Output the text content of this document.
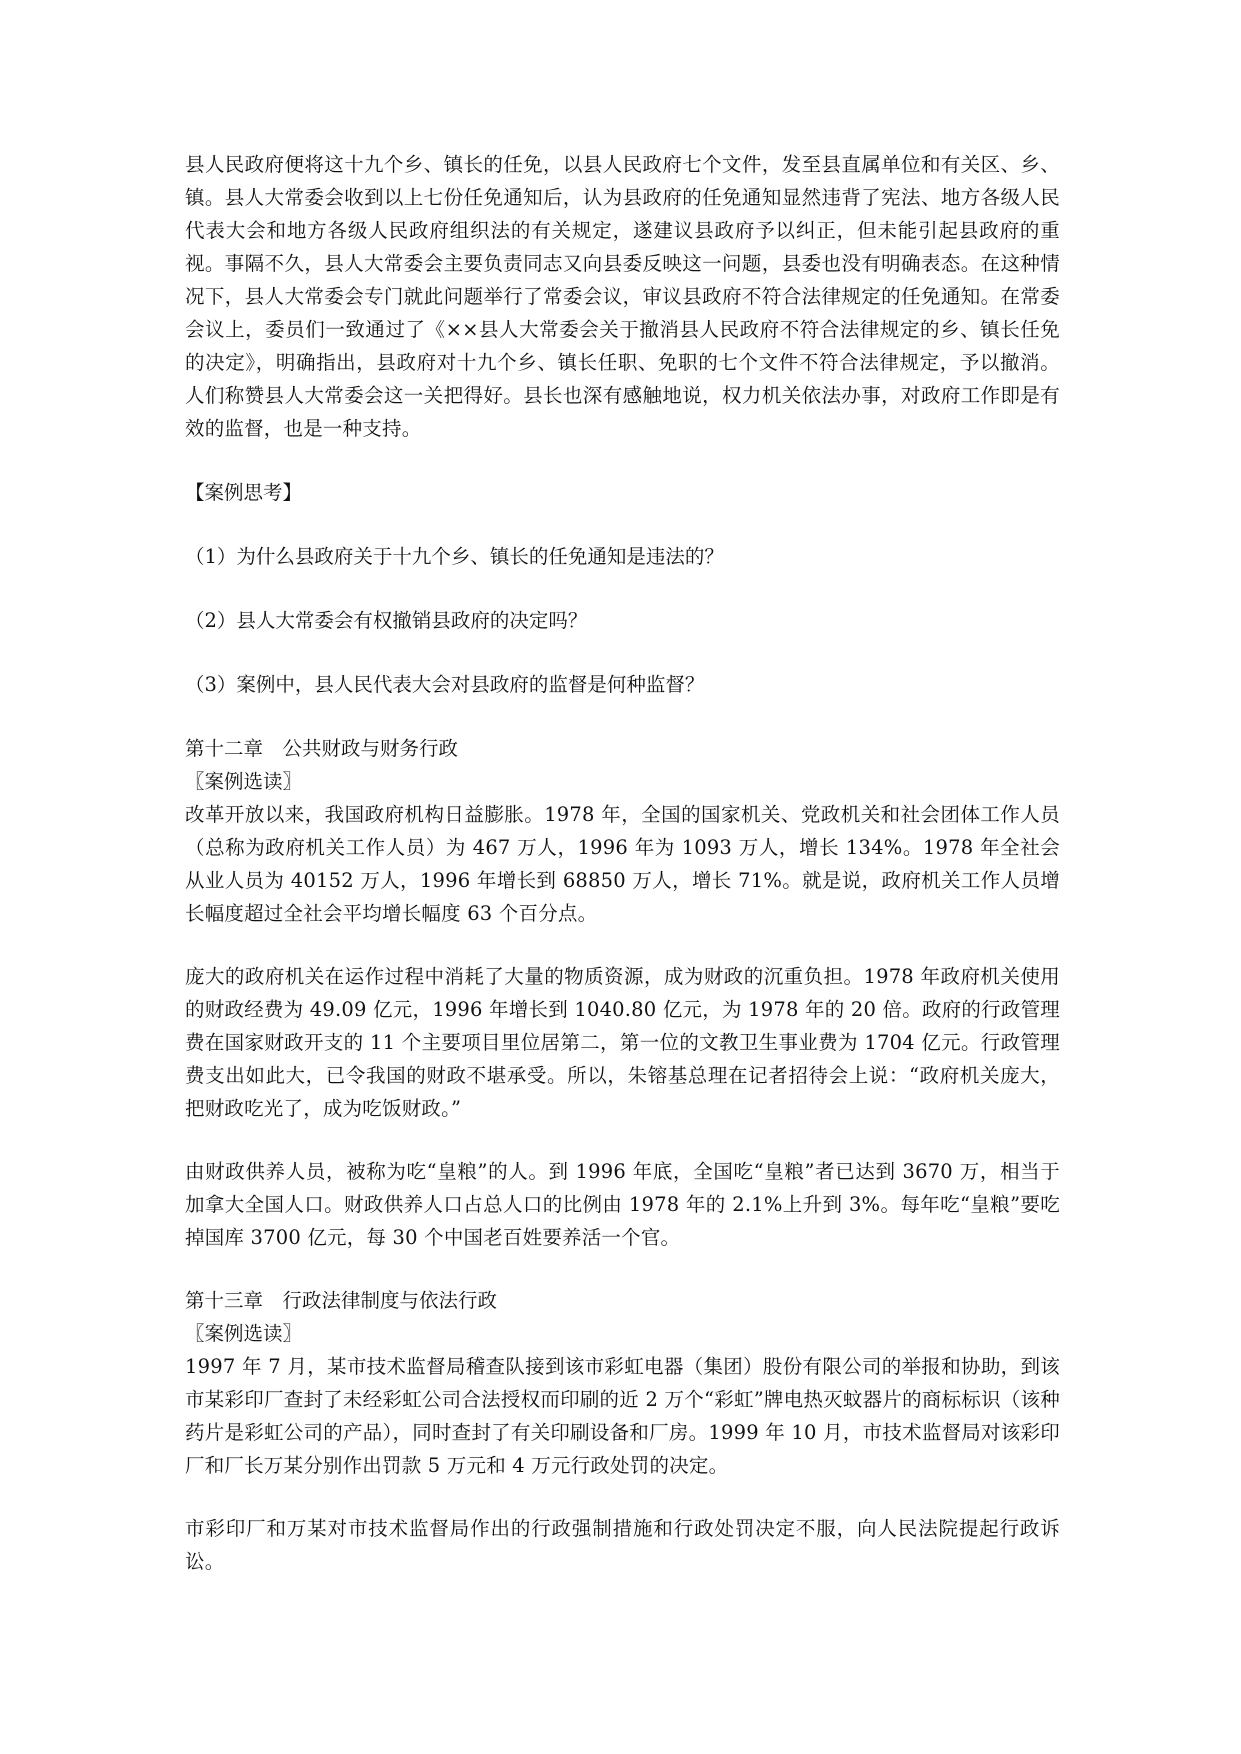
县人民政府便将这十九个乡、镇长的任免，以县人民政府七个文件，发至县直属单位和有关区、乡、镇。县人大常委会收到以上七份任免通知后，认为县政府的任免通知显然违背了宪法、地方各级人民代表大会和地方各级人民政府组织法的有关规定，遂建议县政府予以纠正，但未能引起县政府的重视。事隔不久，县人大常委会主要负责同志又向县委反映这一问题，县委也没有明确表态。在这种情况下，县人大常委会专门就此问题举行了常委会议，审议县政府不符合法律规定的任免通知。在常委会议上，委员们一致通过了《××县人大常委会关于撤消县人民政府不符合法律规定的乡、镇长任免的决定》，明确指出，县政府对十九个乡、镇长任职、免职的七个文件不符合法律规定，予以撤消。人们称赞县人大常委会这一关把得好。县长也深有感触地说，权力机关依法办事，对政府工作即是有效的监督，也是一种支持。

【案例思考】

（1）为什么县政府关于十九个乡、镇长的任免通知是违法的？

（2）县人大常委会有权撤销县政府的决定吗？

（3）案例中，县人民代表大会对县政府的监督是何种监督？

第十二章　公共财政与财务行政

〖案例选读〗

改革开放以来，我国政府机构日益膨胀。1978 年，全国的国家机关、党政机关和社会团体工作人员（总称为政府机关工作人员）为 467 万人，1996 年为 1093 万人，增长 134%。1978 年全社会从业人员为 40152 万人，1996 年增长到 68850 万人，增长 71%。就是说，政府机关工作人员增长幅度超过全社会平均增长幅度 63 个百分点。

庞大的政府机关在运作过程中消耗了大量的物质资源，成为财政的沉重负担。1978 年政府机关使用的财政经费为 49.09 亿元，1996 年增长到 1040.80 亿元，为 1978 年的 20 倍。政府的行政管理费在国家财政开支的 11 个主要项目里位居第二，第一位的文教卫生事业费为 1704 亿元。行政管理费支出如此大，已令我国的财政不堪承受。所以，朱镕基总理在记者招待会上说：“政府机关庞大，把财政吃光了，成为吃饭财政。”

由财政供养人员，被称为吃“皇粮”的人。到 1996 年底，全国吃“皇粮”者已达到 3670 万，相当于加拿大全国人口。财政供养人口占总人口的比例由 1978 年的 2.1%上升到 3%。每年吃“皇粮”要吃掉国库 3700 亿元，每 30 个中国老百姓要养活一个官。

第十三章　行政法律制度与依法行政

〖案例选读〗

1997 年 7 月，某市技术监督局稽查队接到该市彩虹电器（集团）股份有限公司的举报和协助，到该市某彩印厂查封了未经彩虹公司合法授权而印刷的近 2 万个“彩虹”牌电热灭蚊器片的商标标识（该种药片是彩虹公司的产品），同时查封了有关印刷设备和厂房。1999 年 10 月，市技术监督局对该彩印厂和厂长万某分别作出罚款 5 万元和 4 万元行政处罚的决定。

市彩印厂和万某对市技术监督局作出的行政强制措施和行政处罚决定不服，向人民法院提起行政诉讼。
